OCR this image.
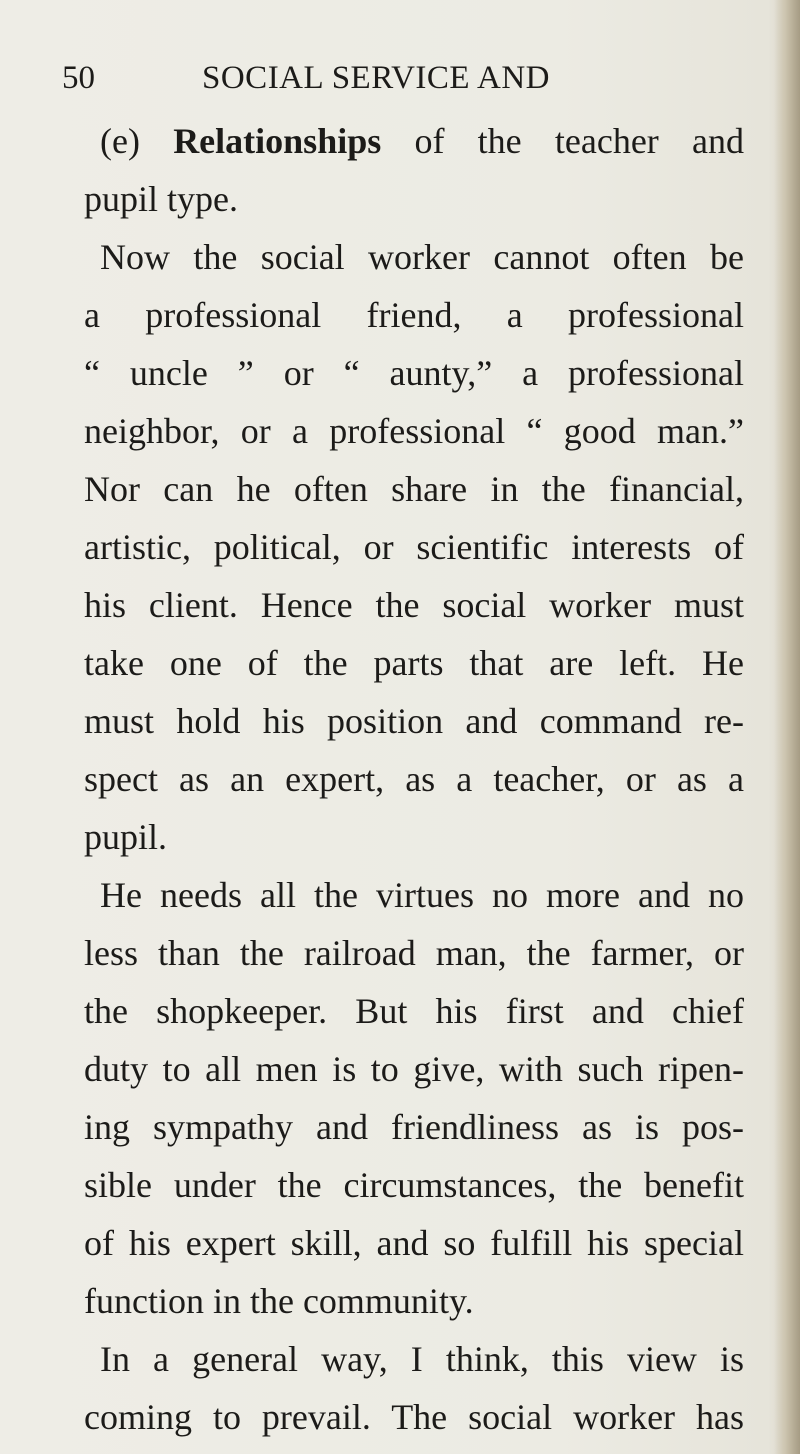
50	SOCIAL SERVICE AND
(e) Relationships of the teacher and
pupil type.
Now the social worker cannot often be
a professional friend, a professional
“ uncle ” or “ aunty,” a professional
neighbor, or a professional “ good man.”
Nor can he often share in the financial,
artistic, political, or scientific interests of
his client. Hence the social worker must
take one of the parts that are left. He
must hold his position and command re-
spect as an expert, as a teacher, or as a
pupil.
He needs all the virtues no more and no
less than the railroad man, the farmer, or
the shopkeeper. But his first and chief
duty to all men is to give, with such ripen-
ing sympathy and friendliness as is pos-
sible under the circumstances, the benefit
of his expert skill, and so fulfill his special
function in the community.
In a general way, I think, this view is
coming to prevail. The social worker has
